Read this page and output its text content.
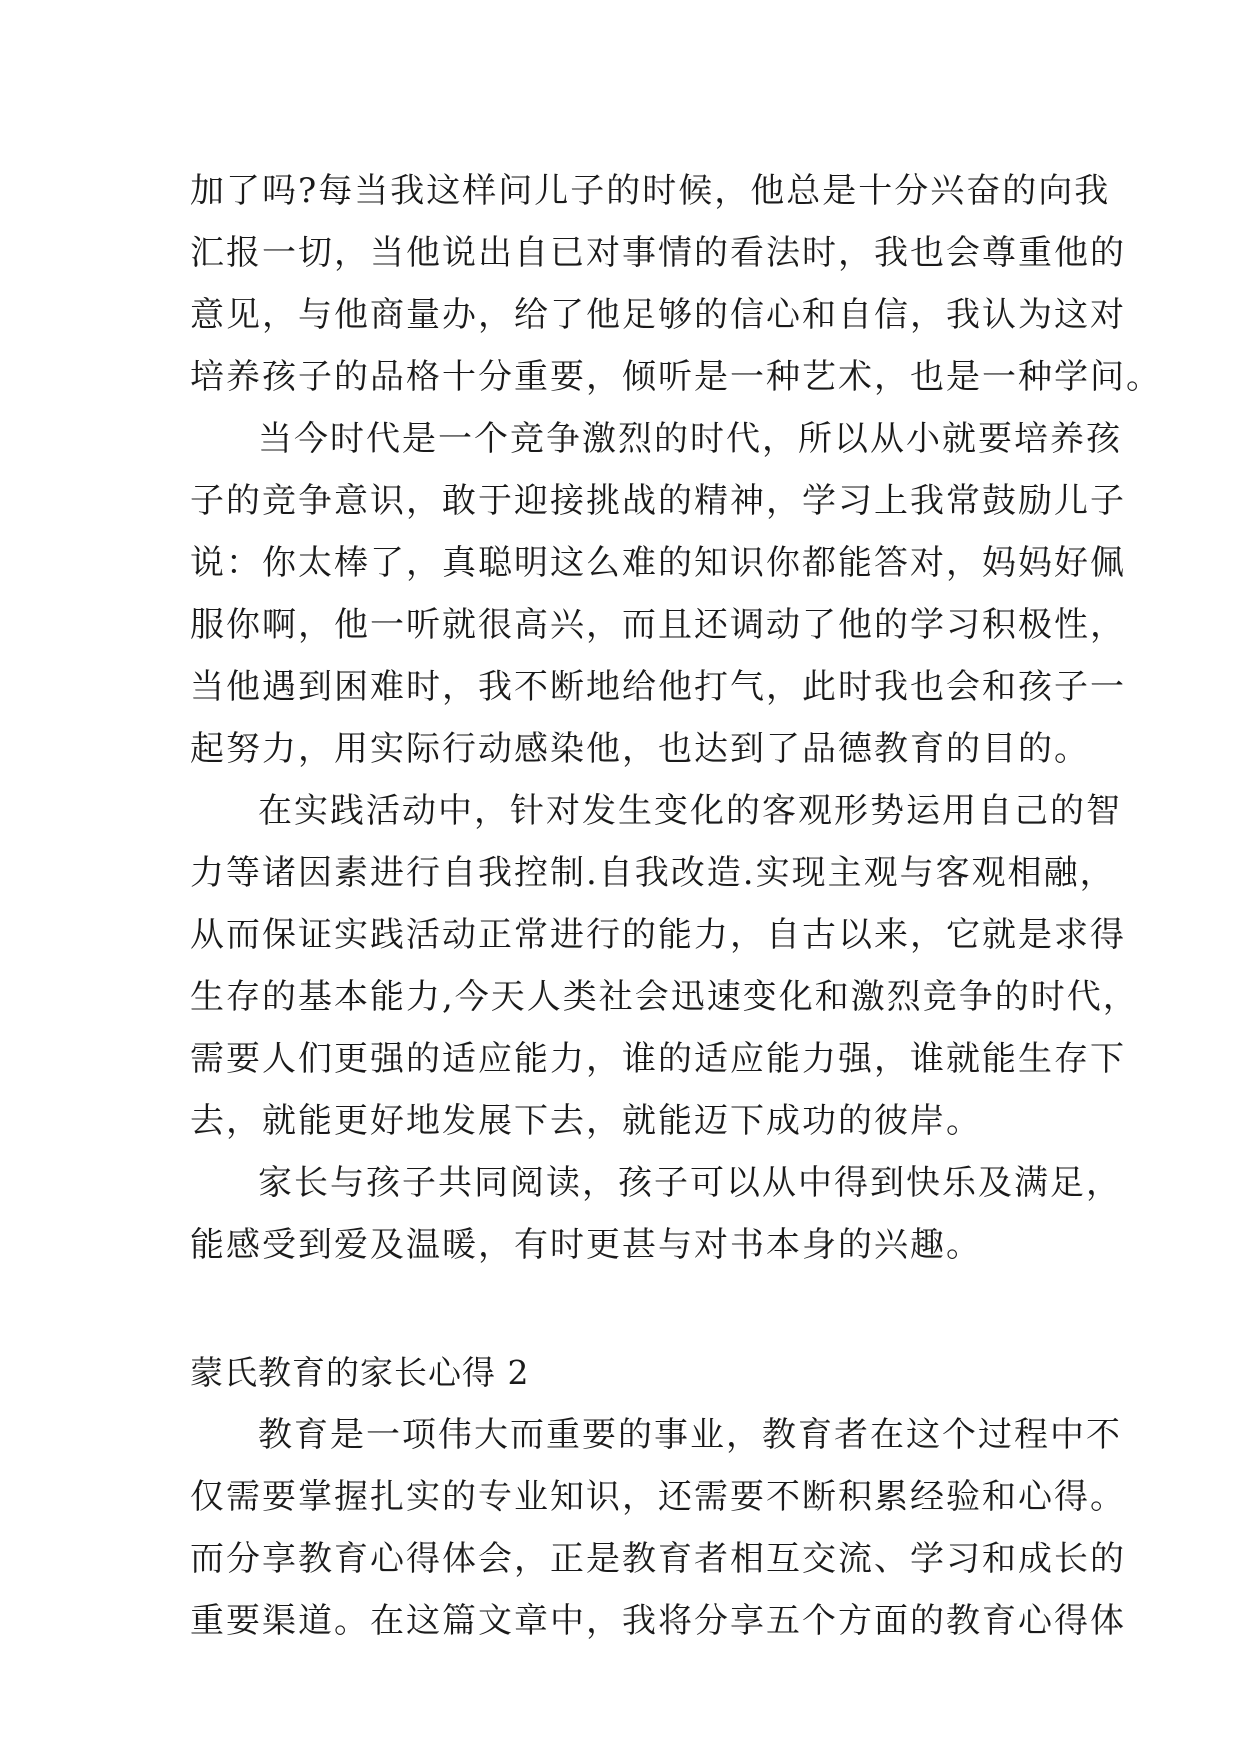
加了吗?每当我这样问儿子的时候，他总是十分兴奋的向我
汇报一切，当他说出自已对事情的看法时，我也会尊重他的
意见，与他商量办，给了他足够的信心和自信，我认为这对
培养孩子的品格十分重要，倾听是一种艺术，也是一种学问。
当今时代是一个竞争激烈的时代，所以从小就要培养孩
子的竞争意识，敢于迎接挑战的精神，学习上我常鼓励儿子
说：你太棒了，真聪明这么难的知识你都能答对，妈妈好佩
服你啊，他一听就很高兴，而且还调动了他的学习积极性，
当他遇到困难时，我不断地给他打气，此时我也会和孩子一
起努力，用实际行动感染他，也达到了品德教育的目的。
在实践活动中，针对发生变化的客观形势运用自己的智
力等诸因素进行自我控制.自我改造.实现主观与客观相融，
从而保证实践活动正常进行的能力，自古以来，它就是求得
生存的基本能力,今天人类社会迅速变化和激烈竞争的时代，
需要人们更强的适应能力，谁的适应能力强，谁就能生存下
去，就能更好地发展下去，就能迈下成功的彼岸。
家长与孩子共同阅读，孩子可以从中得到快乐及满足，
能感受到爱及温暖，有时更甚与对书本身的兴趣。
蒙氏教育的家长心得 2
教育是一项伟大而重要的事业，教育者在这个过程中不
仅需要掌握扎实的专业知识，还需要不断积累经验和心得。
而分享教育心得体会，正是教育者相互交流、学习和成长的
重要渠道。在这篇文章中，我将分享五个方面的教育心得体
